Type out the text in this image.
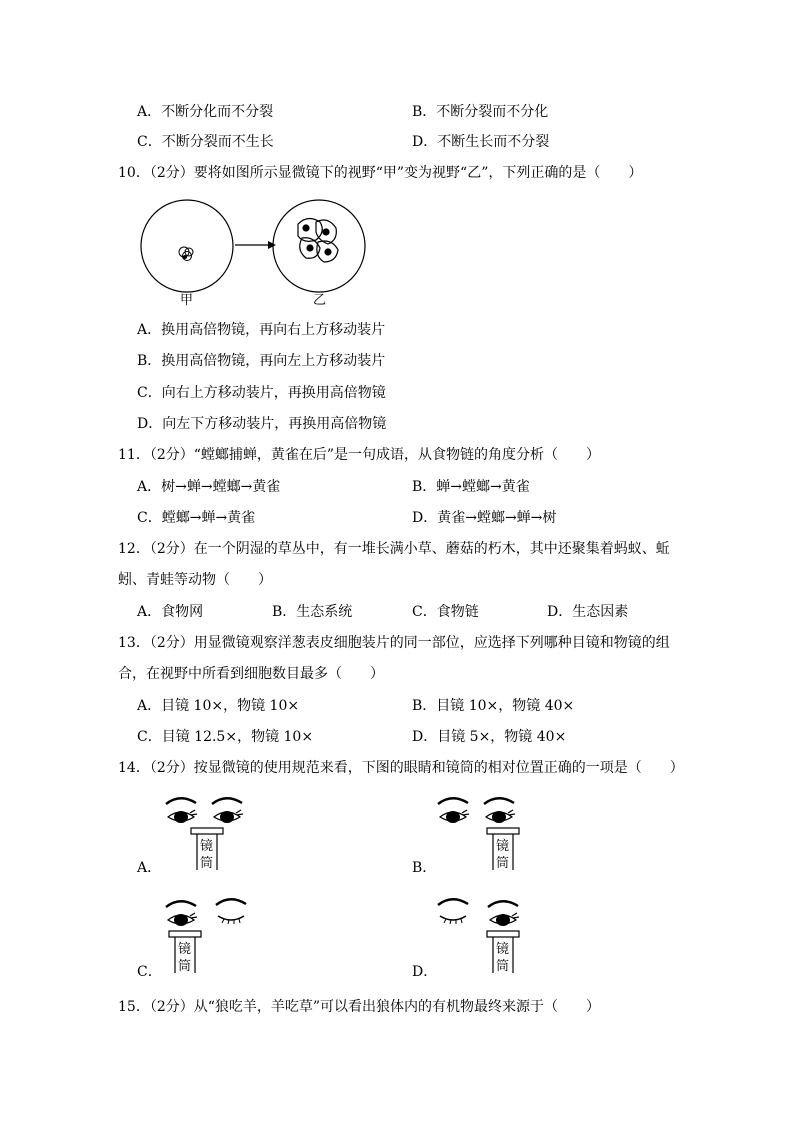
A．不断分化而不分裂	B．不断分裂而不分化
C．不断分裂而不生长	D．不断生长而不分裂
10．（2分）要将如图所示显微镜下的视野“甲”变为视野“乙”，下列正确的是（　　）
甲	乙
A．换用高倍物镜，再向右上方移动装片
B．换用高倍物镜，再向左上方移动装片
C．向右上方移动装片，再换用高倍物镜
D．向左下方移动装片，再换用高倍物镜
11．（2分）“螳螂捕蝉，黄雀在后”是一句成语，从食物链的角度分析（　　）
A．树→蝉→螳螂→黄雀	B．蝉→螳螂→黄雀
C．螳螂→蝉→黄雀	D．黄雀→螳螂→蝉→树
12．（2分）在一个阴湿的草丛中，有一堆长满小草、蘑菇的朽木，其中还聚集着蚂蚁、蚯
蚓、青蛙等动物（　　）
A．食物网	B．生态系统	C．食物链	D．生态因素
13．（2分）用显微镜观察洋葱表皮细胞装片的同一部位，应选择下列哪种目镜和物镜的组
合，在视野中所看到细胞数目最多（　　）
A．目镜 10×，物镜 10×	B．目镜 10×，物镜 40×
C．目镜 12.5×，物镜 10×	D．目镜 5×，物镜 40×
14．（2分）按显微镜的使用规范来看，下图的眼睛和镜筒的相对位置正确的一项是（　　）
镜
筒
A．
镜
筒
B．
镜
筒
C．
镜
筒
D．
15．（2分）从“狼吃羊，羊吃草”可以看出狼体内的有机物最终来源于（　　）
